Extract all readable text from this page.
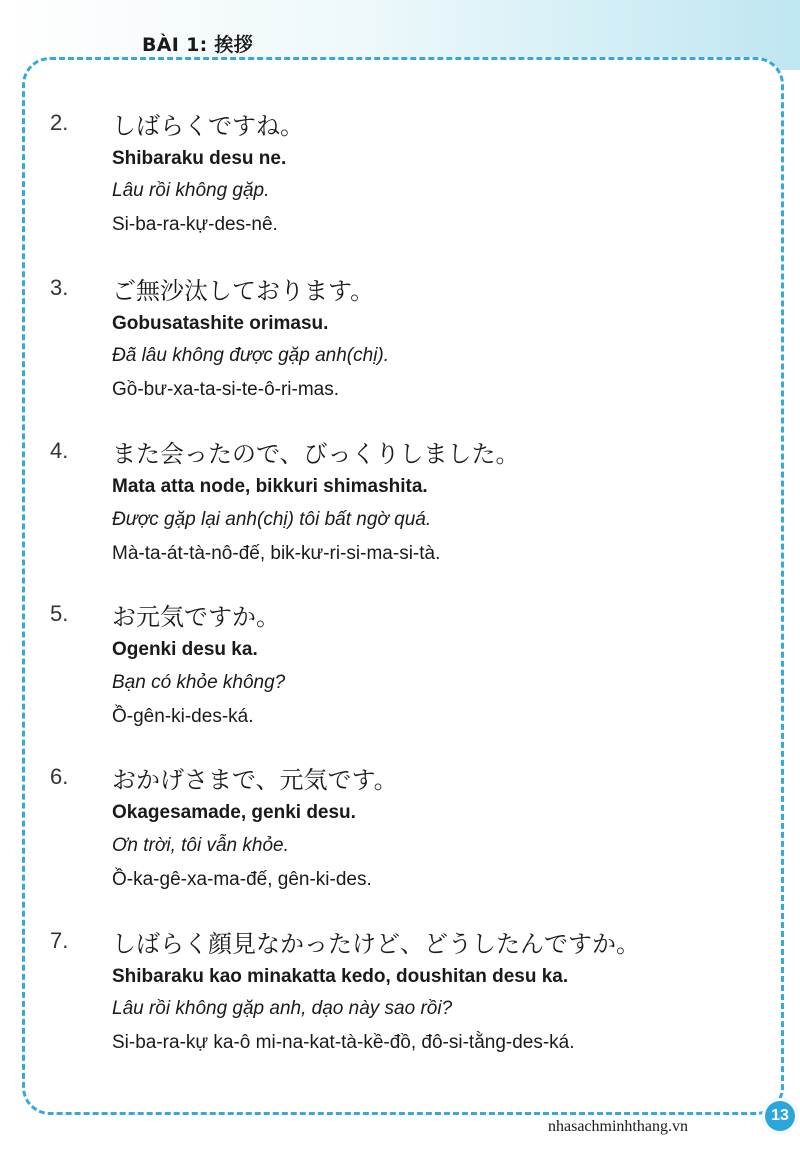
BÀI 1: 挨拶
2. しばらくですね。
Shibaraku desu ne.
Lâu rồi không gặp.
Si-ba-ra-kự-des-nê.
3. ご無沙汰しております。
Gobusatashite orimasu.
Đã lâu không được gặp anh(chị).
Gồ-bư-xa-ta-si-te-ô-ri-mas.
4. また会ったので、びっくりしました。
Mata atta node, bikkuri shimashita.
Được gặp lại anh(chị) tôi bất ngờ quá.
Mà-ta-át-tà-nô-đế, bik-kư-ri-si-ma-si-tà.
5. お元気ですか。
Ogenki desu ka.
Bạn có khỏe không?
Ồ-gên-ki-des-ká.
6. おかげさまで、元気です。
Okagesamade, genki desu.
Ơn trời, tôi vẫn khỏe.
Ồ-ka-gê-xa-ma-đế, gên-ki-des.
7. しばらく顔見なかったけど、どうしたんですか。
Shibaraku kao minakatta kedo, doushitan desu ka.
Lâu rồi không gặp anh, dạo này sao rồi?
Si-ba-ra-kự ka-ô mi-na-kat-tà-kề-đồ, đô-si-tằng-des-ká.
nhasachminhthang.vn
13
